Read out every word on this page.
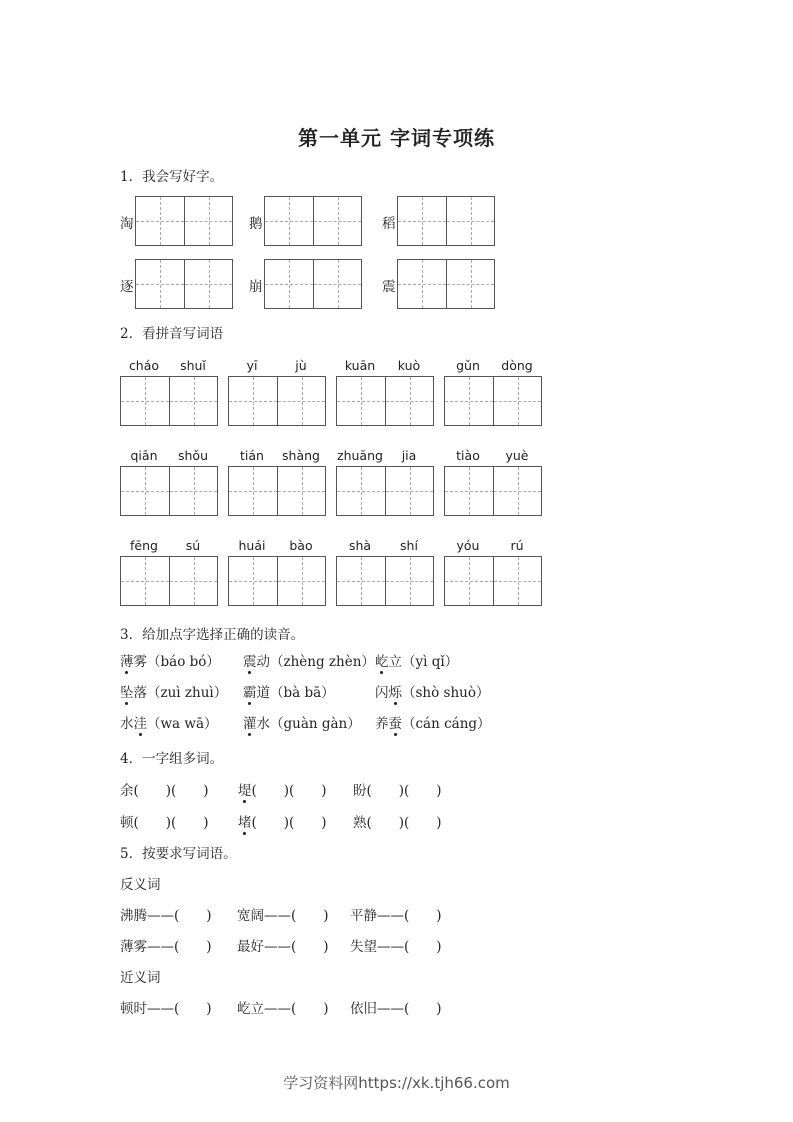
第一单元 字词专项练
1．我会写好字。
淘	鹅	稻
逐	崩	震
2．看拼音写词语
cháo	shuǐ	yī	jù	kuān	kuò	gǔn	dòng
qiān	shǒu	tián	shàng	zhuāng	jia	tiào	yuè
fēng	sú	huái	bào	shà	shí	yóu	rú
3．给加点字选择正确的读音。
薄雾（báo bó） 震动（zhèng zhèn） 屹立（yì qǐ）
坠落（zuì zhuì） 霸道（bà bā）	闪烁（shò shuò）
水洼（wa wā） 灌水（guàn gàn） 养蚕（cán cáng）
4．一字组多词。
余(　　)(　　) 堤(　　)(　　) 盼(　　)(　　)
顿(　　)(　　) 堵(　　)(　　) 熟(　　)(　　)
5．按要求写词语。
反义词
近义词
沸腾——(　　) 宽阔——(　　) 平静——(　　)
薄雾——(　　) 最好——(　　) 失望——(　　)
顿时——(　　) 屹立——(　　) 依旧——(　　)
学习资料网https://xk.tjh66.com
